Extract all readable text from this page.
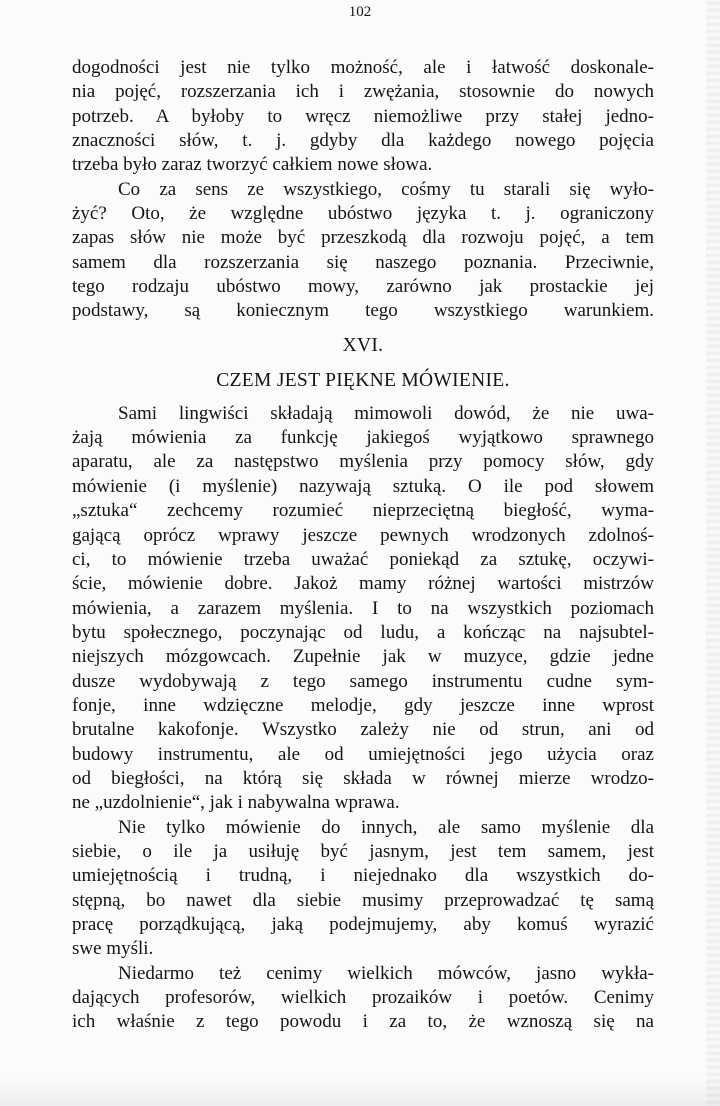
102
dogodności jest nie tylko możność, ale i łatwość doskonale-
nia pojęć, rozszerzania ich i zwężania, stosownie do nowych
potrzeb. A byłoby to wręcz niemożliwe przy stałej jedno-
znaczności słów, t. j. gdyby dla każdego nowego pojęcia
trzeba było zaraz tworzyć całkiem nowe słowa.
Co za sens ze wszystkiego, cośmy tu starali się wyło-
żyć? Oto, że względne ubóstwo języka t. j. ograniczony
zapas słów nie może być przeszkodą dla rozwoju pojęć, a tem
samem dla rozszerzania się naszego poznania. Przeciwnie,
tego rodzaju ubóstwo mowy, zarówno jak prostackie jej
podstawy, są koniecznym tego wszystkiego warunkiem.
XVI.
CZEM JEST PIĘKNE MÓWIENIE.
Sami lingwiści składają mimowoli dowód, że nie uwa-
żają mówienia za funkcję jakiegoś wyjątkowo sprawnego
aparatu, ale za następstwo myślenia przy pomocy słów, gdy
mówienie (i myślenie) nazywają sztuką. O ile pod słowem
„sztuka“ zechcemy rozumieć nieprzeciętną biegłość, wyma-
gającą oprócz wprawy jeszcze pewnych wrodzonych zdolnoś-
ci, to mówienie trzeba uważać poniekąd za sztukę, oczywi-
ście, mówienie dobre. Jakoż mamy różnej wartości mistrzów
mówienia, a zarazem myślenia. I to na wszystkich poziomach
bytu społecznego, poczynając od ludu, a kończąc na najsubtel-
niejszych mózgowcach. Zupełnie jak w muzyce, gdzie jedne
dusze wydobywają z tego samego instrumentu cudne sym-
fonje, inne wdzięczne melodje, gdy jeszcze inne wprost
brutalne kakofonje. Wszystko zależy nie od strun, ani od
budowy instrumentu, ale od umiejętności jego użycia oraz
od biegłości, na którą się składa w równej mierze wrodzo-
ne „uzdolnienie“, jak i nabywalna wprawa.
Nie tylko mówienie do innych, ale samo myślenie dla
siebie, o ile ja usiłuję być jasnym, jest tem samem, jest
umiejętnością i trudną, i niejednako dla wszystkich do-
stępną, bo nawet dla siebie musimy przeprowadzać tę samą
pracę porządkującą, jaką podejmujemy, aby komuś wyrazić
swe myśli.
Niedarmo też cenimy wielkich mówców, jasno wykła-
dających profesorów, wielkich prozaików i poetów. Cenimy
ich właśnie z tego powodu i za to, że wznoszą się na
